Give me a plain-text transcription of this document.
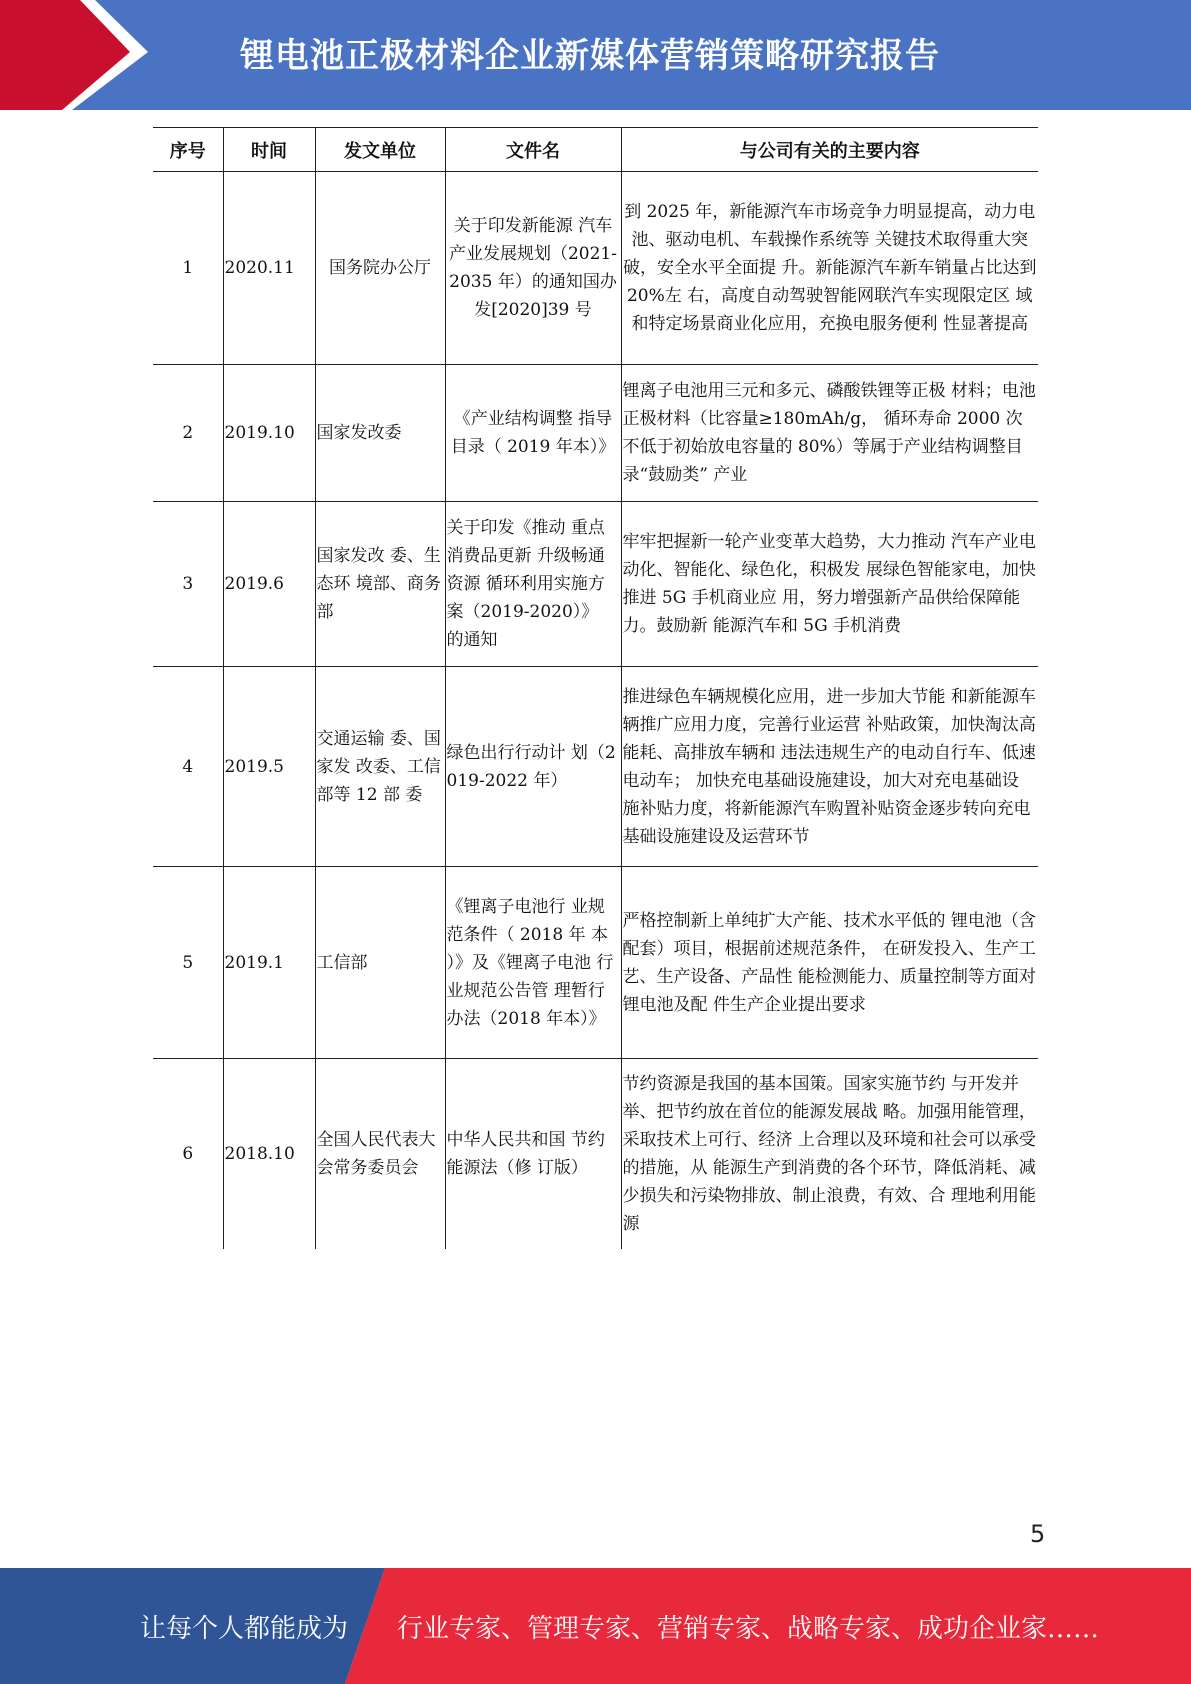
锂电池正极材料企业新媒体营销策略研究报告
序号	时间	发文单位	文件名	与公司有关的主要内容
1	2020.11	国务院办公厅	关于印发新能源 汽车产业发展规划（2021-2035 年）的通知国办 发[2020]39 号	到 2025 年，新能源汽车市场竞争力明显提高，动力电池、驱动电机、车载操作系统等 关键技术取得重大突破，安全水平全面提 升。新能源汽车新车销量占比达到 20%左 右，高度自动驾驶智能网联汽车实现限定区 域和特定场景商业化应用，充换电服务便利 性显著提高
2	2019.10	国家发改委	《产业结构调整 指导目录（ 2019 年本）》	锂离子电池用三元和多元、磷酸铁锂等正极 材料；电池正极材料（比容量≥180mAh/g， 循环寿命 2000 次不低于初始放电容量的 80%）等属于产业结构调整目录“鼓励类” 产业
3	2019.6	国家发改 委、生态环 境部、商务 部	关于印发《推动 重点消费品更新 升级畅通资源 循环利用实施方 案（2019-2020）》 的通知	牢牢把握新一轮产业变革大趋势，大力推动 汽车产业电动化、智能化、绿色化，积极发 展绿色智能家电，加快推进 5G 手机商业应 用，努力增强新产品供给保障能力。鼓励新 能源汽车和 5G 手机消费
4	2019.5	交通运输 委、国家发 改委、工信 部等 12 部 委	绿色出行行动计 划（2019-2022 年）	推进绿色车辆规模化应用，进一步加大节能 和新能源车辆推广应用力度，完善行业运营 补贴政策，加快淘汰高能耗、高排放车辆和 违法违规生产的电动自行车、低速电动车； 加快充电基础设施建设，加大对充电基础设 施补贴力度，将新能源汽车购置补贴资金逐步转向充电基础设施建设及运营环节
5	2019.1	工信部	《锂离子电池行 业规范条件（ 2018 年 本 ）》及《锂离子电池 行业规范公告管 理暂行办法（2018 年本）》	严格控制新上单纯扩大产能、技术水平低的 锂电池（含配套）项目，根据前述规范条件， 在研发投入、生产工艺、生产设备、产品性 能检测能力、质量控制等方面对锂电池及配 件生产企业提出要求
6	2018.10	全国人民代表大会常务委员会	中华人民共和国 节约能源法（修 订版）	节约资源是我国的基本国策。国家实施节约 与开发并举、把节约放在首位的能源发展战 略。加强用能管理，采取技术上可行、经济 上合理以及环境和社会可以承受的措施，从 能源生产到消费的各个环节，降低消耗、减 少损失和污染物排放、制止浪费，有效、合 理地利用能源
5
让每个人都能成为 行业专家、管理专家、营销专家、战略专家、成功企业家……
